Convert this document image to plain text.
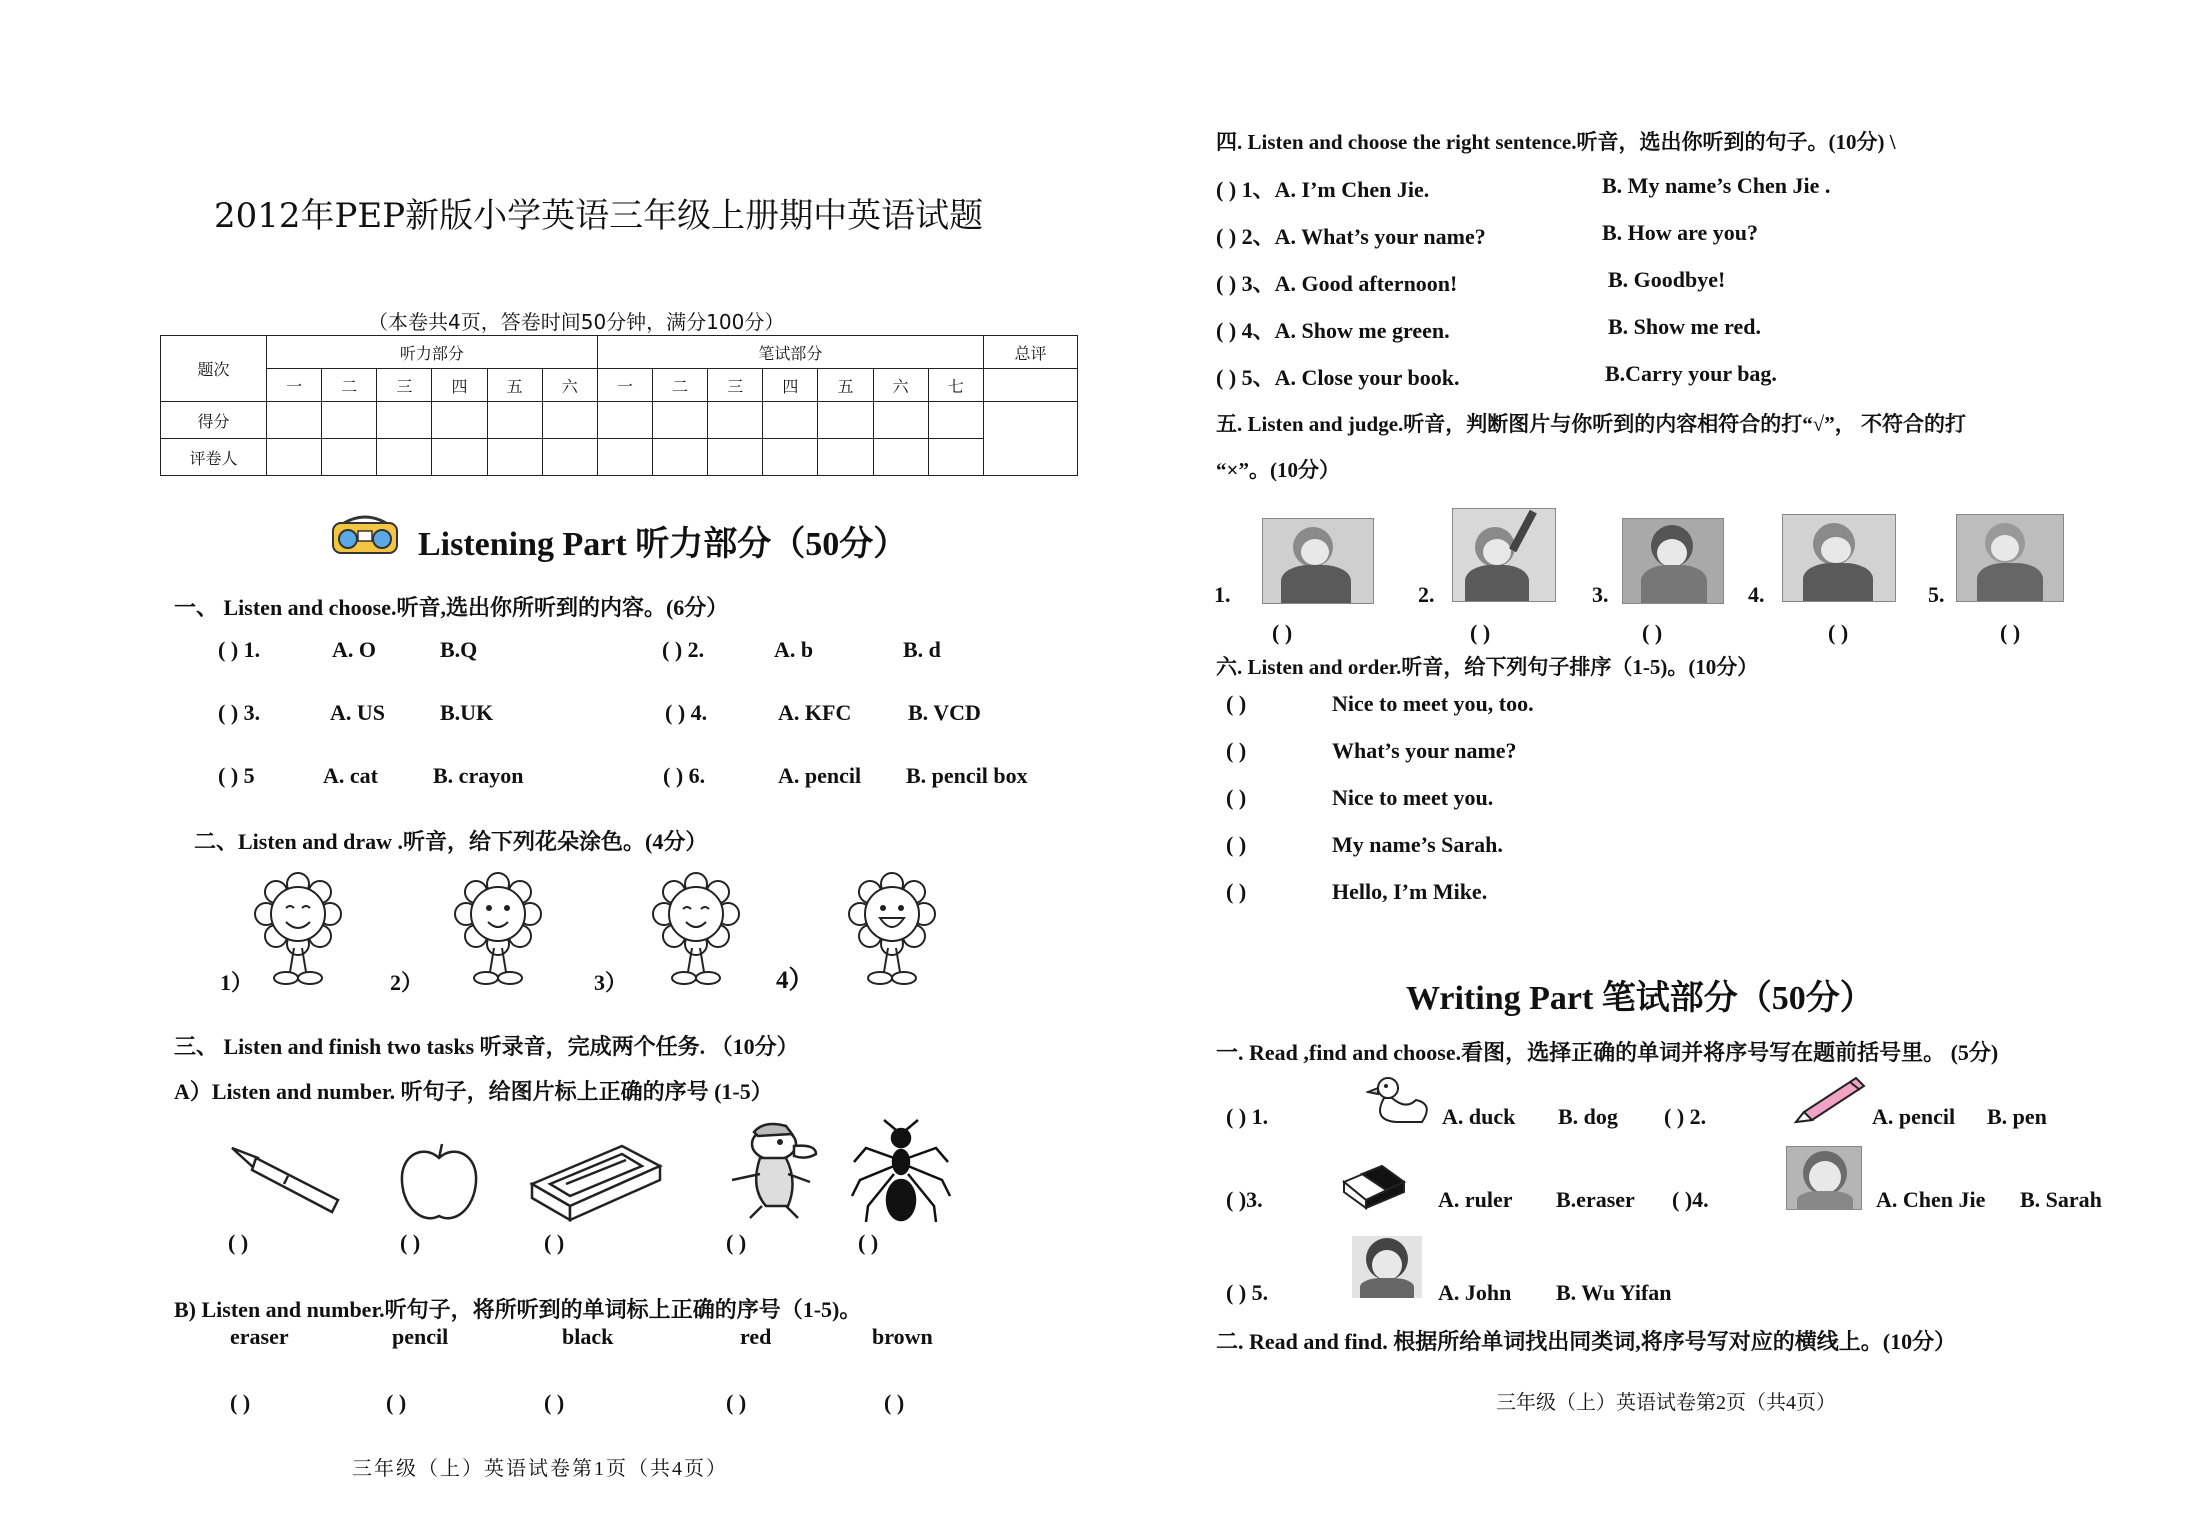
2012年PEP新版小学英语三年级上册期中英语试题
（本卷共4页，答卷时间50分钟，满分100分）
题次	听力部分						笔试部分							总评
	一	二	三	四	五	六	一	二	三	四	五	六	七	
得分														
评卷人														
Listening Part 听力部分（50分）
一、 Listen and choose.听音,选出你所听到的内容。(6分）
( ) 1.	A. O	B.Q	( ) 2.	A. b	B. d
( ) 3.	A. US B.UK	( ) 4.	A. KFC	B. VCD
( ) 5	A. cat	B. crayon	( ) 6.	A. pencil B. pencil box
二、Listen and draw .听音，给下列花朵涂色。(4分）
1）	2）	3）	4）
三、 Listen and finish two tasks 听录音，完成两个任务. （10分）
A）Listen and number. 听句子，给图片标上正确的序号 (1-5）
( )	( )	( )	( )	( )
B) Listen and number.听句子，将所听到的单词标上正确的序号（1-5)。
eraser	pencil	black	red	brown
( )	( )	( )	( )	( )
三年级（上）英语试卷第1页（共4页）
四. Listen and choose the right sentence.听音，选出你听到的句子。(10分) \
( ) 1、A. I’m Chen Jie.	B. My name’s Chen Jie .
( ) 2、A. What’s your name?	B. How are you?
( ) 3、A. Good afternoon!	B. Goodbye!
( ) 4、A. Show me green.	B. Show me red.
( ) 5、A. Close your book.	B.Carry your bag.
五. Listen and judge.听音，判断图片与你听到的内容相符合的打“√”， 不符合的打
“×”。(10分）
1.	2.	3.	4.	5.
( )	( )	( )	( )	( )
六. Listen and order.听音，给下列句子排序（1-5)。(10分）
( )	Nice to meet you, too.
( )	What’s your name?
( )	Nice to meet you.
( )	My name’s Sarah.
( )	Hello, I’m Mike.
Writing Part 笔试部分（50分）
一. Read ,find and choose.看图，选择正确的单词并将序号写在题前括号里。 (5分)
( ) 1.	A. duck B. dog ( ) 2.	A. pencil B. pen
( )3.	A. ruler B.eraser ( )4.	A. Chen Jie B. Sarah
( ) 5.	A. John B. Wu Yifan
二. Read and find. 根据所给单词找出同类词,将序号写对应的横线上。(10分）
三年级（上）英语试卷第2页（共4页）
